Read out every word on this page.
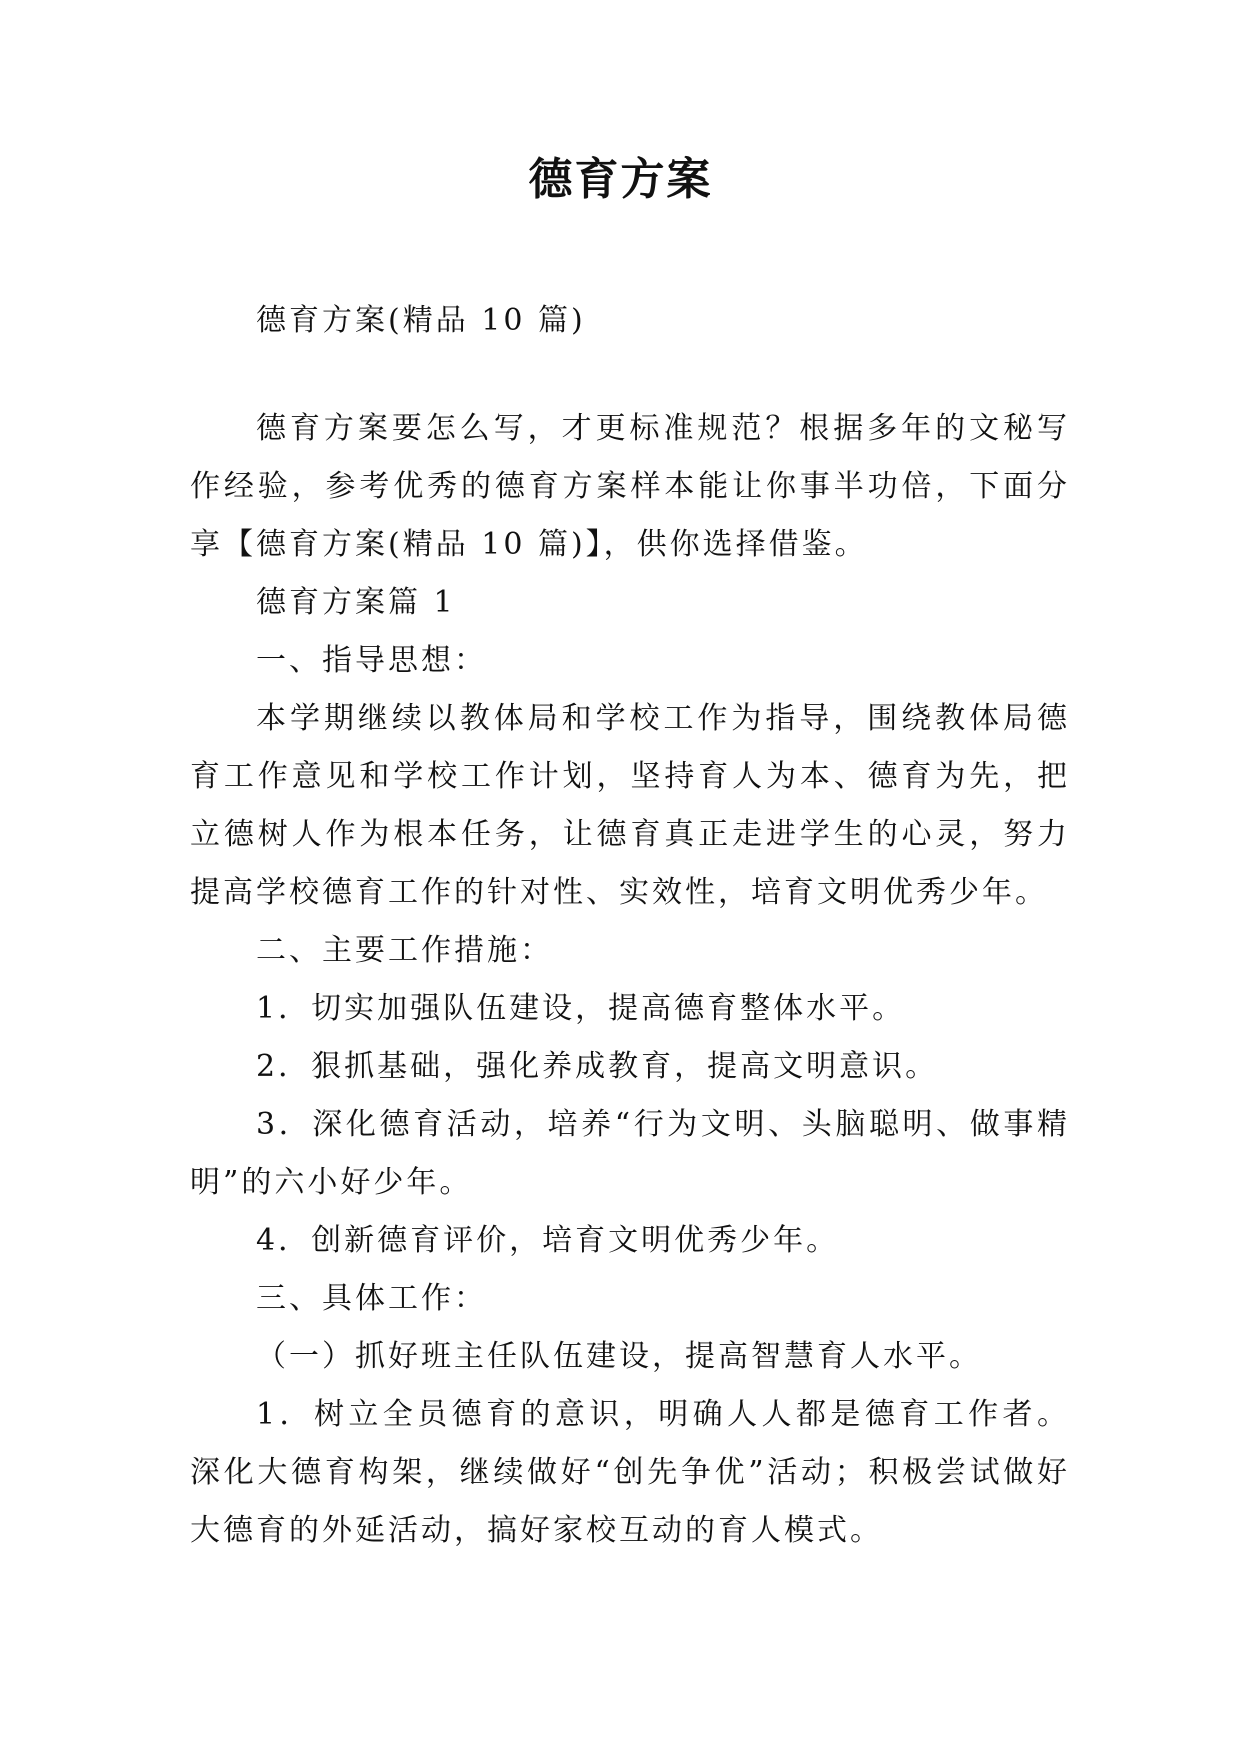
德育方案

德育方案(精品 10 篇)

德育方案要怎么写，才更标准规范？根据多年的文秘写作经验，参考优秀的德育方案样本能让你事半功倍，下面分享【德育方案(精品 10 篇)】，供你选择借鉴。

德育方案篇 1

一、指导思想：

本学期继续以教体局和学校工作为指导，围绕教体局德育工作意见和学校工作计划，坚持育人为本、德育为先，把立德树人作为根本任务，让德育真正走进学生的心灵，努力提高学校德育工作的针对性、实效性，培育文明优秀少年。

二、主要工作措施：

1．切实加强队伍建设，提高德育整体水平。

2．狠抓基础，强化养成教育，提高文明意识。

3．深化德育活动，培养“行为文明、头脑聪明、做事精明”的六小好少年。

4．创新德育评价，培育文明优秀少年。

三、具体工作：

（一）抓好班主任队伍建设，提高智慧育人水平。

1．树立全员德育的意识，明确人人都是德育工作者。深化大德育构架，继续做好“创先争优”活动；积极尝试做好大德育的外延活动，搞好家校互动的育人模式。
